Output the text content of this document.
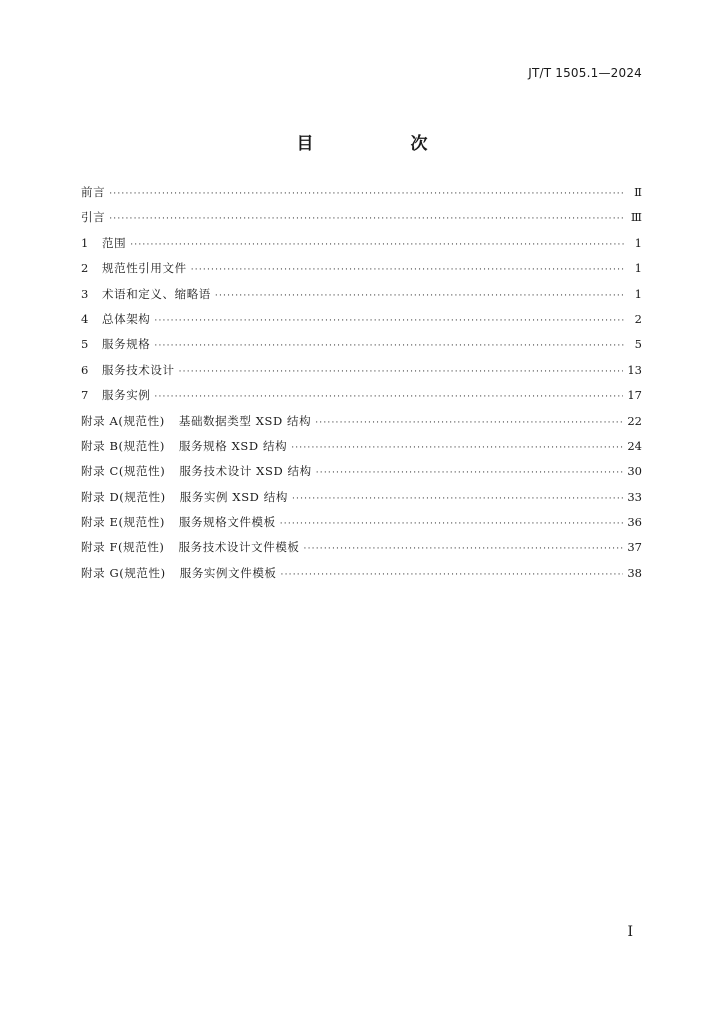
JT/T 1505.1—2024
目　次
前言 ·····	Ⅱ
引言 ·····	Ⅲ
1	范围 ·····	1
2	规范性引用文件 ·····	1
3	术语和定义、缩略语 ·····	1
4	总体架构 ·····	2
5	服务规格 ·····	5
6	服务技术设计 ·····	13
7	服务实例 ·····	17
附录 A(规范性) 基础数据类型 XSD 结构 ·····	22
附录 B(规范性) 服务规格 XSD 结构 ·····	24
附录 C(规范性) 服务技术设计 XSD 结构 ·····	30
附录 D(规范性) 服务实例 XSD 结构 ·····	33
附录 E(规范性) 服务规格文件模板 ·····	36
附录 F(规范性) 服务技术设计文件模板 ·····	37
附录 G(规范性) 服务实例文件模板 ·····	38
I
